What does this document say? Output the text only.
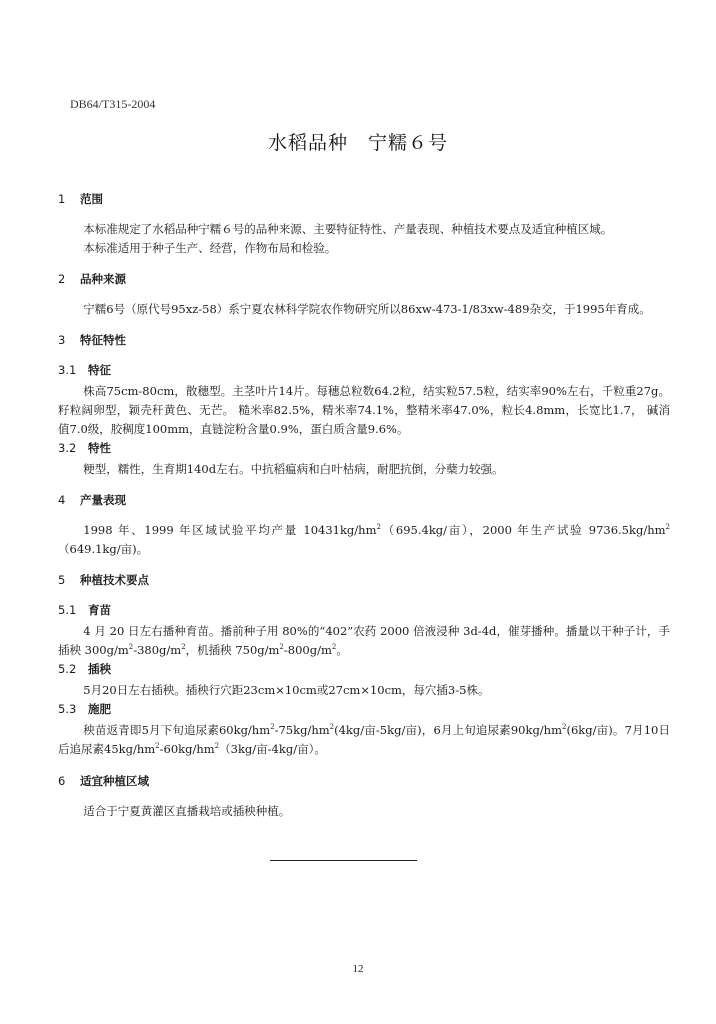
DB64/T315-2004
水稻品种　宁糯６号
1 范围

本标准规定了水稻品种宁糯６号的品种来源、主要特征特性、产量表现、种植技术要点及适宜种植区域。

本标准适用于种子生产、经营，作物布局和检验。

2 品种来源

宁糯6号（原代号95xz-58）系宁夏农林科学院农作物研究所以86xw-473-1/83xw-489杂交，于1995年育成。

3 特征特性
3.1 特征

株高75cm-80cm，散穗型。主茎叶片14片。每穗总粒数64.2粒，结实粒57.5粒，结实率90%左右，千粒重27g。籽粒阔卵型，颖壳秆黄色、无芒。 糙米率82.5%，精米率74.1%，整精米率47.0%，粒长4.8mm，长宽比1.7， 碱消值7.0级，胶稠度100mm，直链淀粉含量0.9%，蛋白质含量9.6%。

3.2 特性

粳型，糯性，生育期140d左右。中抗稻瘟病和白叶枯病，耐肥抗倒，分蘖力较强。

4 产量表现

1998 年、1999 年区域试验平均产量 $10431kg/hm^2(695.4kg/$亩），2000 年生产试验 $9736.5kg/hm^2(649.1kg/$亩)。

5 种植技术要点
5.1 育苗

4 月 20 日左右播种育苗。播前种子用 80%的“402”农药 2000 倍液浸种 3d-4d，催芽播种。播量以干种子计，手插秧 $300g/m^2-380g/m^2$，机插秧 $750g/m^2-800g/m^2$。

5.2 插秧

5月20日左右插秧。插秧行穴距23cm×10cm或27cm×10cm，每穴插3-5株。

5.3 施肥

秧苗返青即5月下旬追尿素$60kg/hm^2-75kg/hm^2(4kg/$亩-5kg/亩)，6月上旬追尿素$90kg/hm^2(6kg/$亩)。7月10日后追尿素$45kg/hm^2-60kg/hm^2(3kg/$亩-4kg/亩）。

6 适宜种植区域

适合于宁夏黄灌区直播栽培或插秧种植。

12
